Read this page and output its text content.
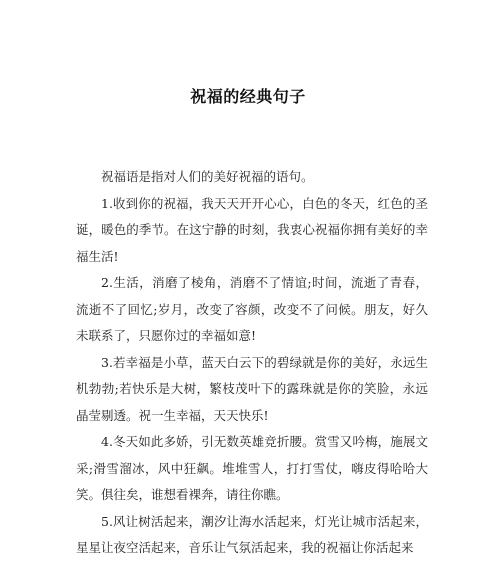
祝福的经典句子

祝福语是指对人们的美好祝福的语句。

1.收到你的祝福，我天天开开心心，白色的冬天，红色的圣诞，暖色的季节。在这宁静的时刻，我衷心祝福你拥有美好的幸福生活!

2.生活，消磨了棱角，消磨不了情谊;时间，流逝了青春，流逝不了回忆;岁月，改变了容颜，改变不了问候。朋友，好久未联系了，只愿你过的幸福如意!

3.若幸福是小草，蓝天白云下的碧绿就是你的美好，永远生机勃勃;若快乐是大树，繁枝茂叶下的露珠就是你的笑脸，永远晶莹剔透。祝一生幸福，天天快乐!

4.冬天如此多娇，引无数英雄竞折腰。赏雪又吟梅，施展文采;滑雪溜冰，风中狂飙。堆堆雪人，打打雪仗，嗨皮得哈哈大笑。俱往矣，谁想看裸奔，请往你瞧。

5.风让树活起来，潮汐让海水活起来，灯光让城市活起来，星星让夜空活起来，音乐让气氛活起来，我的祝福让你活起来
